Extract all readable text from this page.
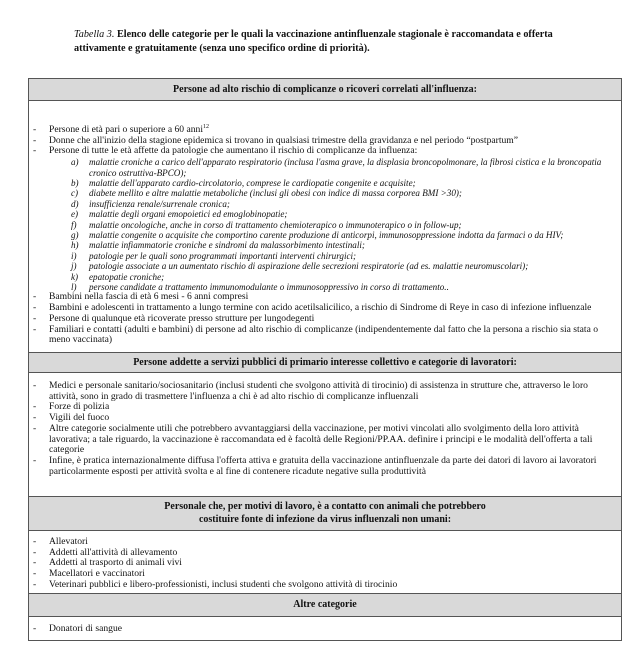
Tabella 3. Elenco delle categorie per le quali la vaccinazione antinfluenzale stagionale è raccomandata e offerta attivamente e gratuitamente (senza uno specifico ordine di priorità).
Persone ad alto rischio di complicanze o ricoveri correlati all'influenza:
- Persone di età pari o superiore a 60 anni$^{12}$
- Donne che all'inizio della stagione epidemica si trovano in qualsiasi trimestre della gravidanza e nel periodo “postpartum”
- Persone di tutte le età affette da patologie che aumentano il rischio di complicanze da influenza:
a) malattie croniche a carico dell'apparato respiratorio (inclusa l'asma grave, la displasia broncopolmonare, la fibrosi cistica e la broncopatia cronico ostruttiva-BPCO);
b) malattie dell'apparato cardio-circolatorio, comprese le cardiopatie congenite e acquisite;
c) diabete mellito e altre malattie metaboliche (inclusi gli obesi con indice di massa corporea BMI >30);
d) insufficienza renale/surrenale cronica;
e) malattie degli organi emopoietici ed emoglobinopatie;
f) malattie oncologiche, anche in corso di trattamento chemioterapico o immunoterapico o in follow-up;
g) malattie congenite o acquisite che comportino carente produzione di anticorpi, immunosoppressione indotta da farmaci o da HIV;
h) malattie infiammatorie croniche e sindromi da malassorbimento intestinali;
i) patologie per le quali sono programmati importanti interventi chirurgici;
j) patologie associate a un aumentato rischio di aspirazione delle secrezioni respiratorie (ad es. malattie neuromuscolari);
k) epatopatie croniche;
l) persone candidate a trattamento immunomodulante o immunosoppressivo in corso di trattamento..
- Bambini nella fascia di età 6 mesi - 6 anni compresi
- Bambini e adolescenti in trattamento a lungo termine con acido acetilsalicilico, a rischio di Sindrome di Reye in caso di infezione influenzale
- Persone di qualunque età ricoverate presso strutture per lungodegenti
- Familiari e contatti (adulti e bambini) di persone ad alto rischio di complicanze (indipendentemente dal fatto che la persona a rischio sia stata o meno vaccinata)
Persone addette a servizi pubblici di primario interesse collettivo e categorie di lavoratori:
- Medici e personale sanitario/sociosanitario (inclusi studenti che svolgono attività di tirocinio) di assistenza in strutture che, attraverso le loro attività, sono in grado di trasmettere l'influenza a chi è ad alto rischio di complicanze influenzali
- Forze di polizia
- Vigili del fuoco
- Altre categorie socialmente utili che potrebbero avvantaggiarsi della vaccinazione, per motivi vincolati allo svolgimento della loro attività lavorativa; a tale riguardo, la vaccinazione è raccomandata ed è facoltà delle Regioni/PP.AA. definire i principi e le modalità dell'offerta a tali categorie
- Infine, è pratica internazionalmente diffusa l'offerta attiva e gratuita della vaccinazione antinfluenzale da parte dei datori di lavoro ai lavoratori particolarmente esposti per attività svolta e al fine di contenere ricadute negative sulla produttività
Personale che, per motivi di lavoro, è a contatto con animali che potrebbero
costituire fonte di infezione da virus influenzali non umani:
- Allevatori
- Addetti all'attività di allevamento
- Addetti al trasporto di animali vivi
- Macellatori e vaccinatori
- Veterinari pubblici e libero-professionisti, inclusi studenti che svolgono attività di tirocinio
Altre categorie
- Donatori di sangue
